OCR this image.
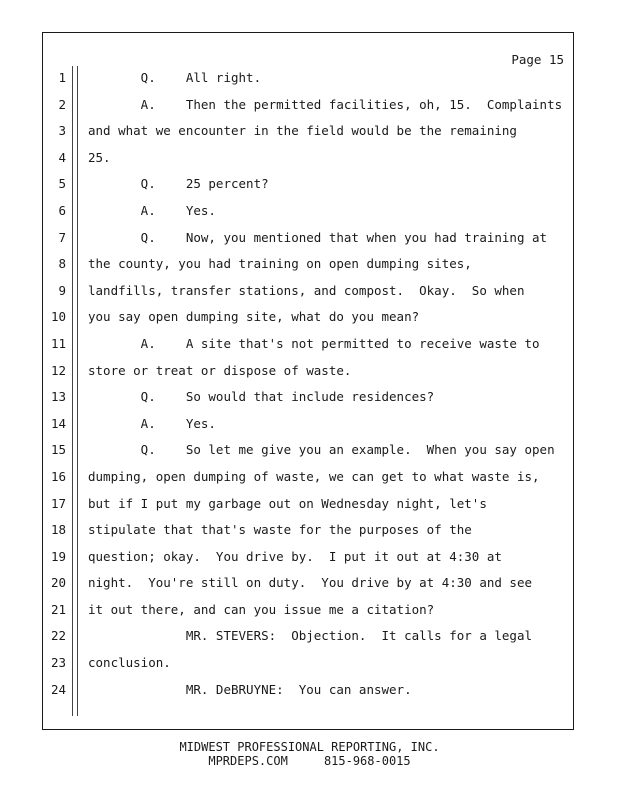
Page 15
1 Q.    All right.
2 A.    Then the permitted facilities, oh, 15.  Complaints
3 and what we encounter in the field would be the remaining
4 25.
5 Q.    25 percent?
6 A.    Yes.
7 Q.    Now, you mentioned that when you had training at
8 the county, you had training on open dumping sites,
9 landfills, transfer stations, and compost.  Okay.  So when
10 you say open dumping site, what do you mean?
11 A.    A site that's not permitted to receive waste to
12 store or treat or dispose of waste.
13 Q.    So would that include residences?
14 A.    Yes.
15 Q.    So let me give you an example.  When you say open
16 dumping, open dumping of waste, we can get to what waste is,
17 but if I put my garbage out on Wednesday night, let's
18 stipulate that that's waste for the purposes of the
19 question; okay.  You drive by.  I put it out at 4:30 at
20 night.  You're still on duty.  You drive by at 4:30 and see
21 it out there, and can you issue me a citation?
22 MR. STEVERS:  Objection.  It calls for a legal
23 conclusion.
24 MR. DeBRUYNE:  You can answer.
MIDWEST PROFESSIONAL REPORTING, INC.
MPRDEPS.COM     815-968-0015
